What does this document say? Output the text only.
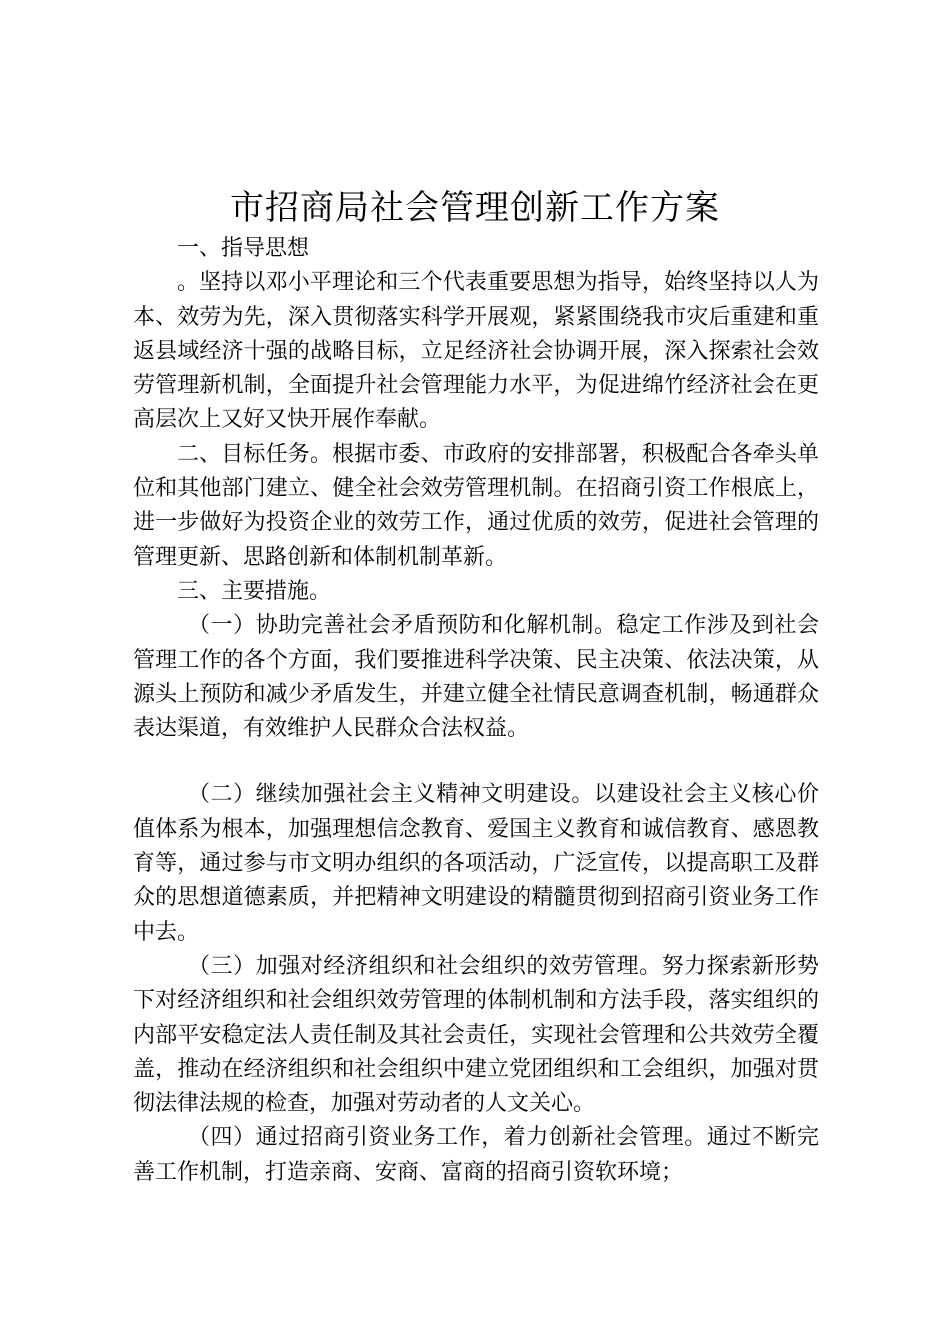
市招商局社会管理创新工作方案

一、指导思想

。坚持以邓小平理论和三个代表重要思想为指导，始终坚持以人为本、效劳为先，深入贯彻落实科学开展观，紧紧围绕我市灾后重建和重返县域经济十强的战略目标，立足经济社会协调开展，深入探索社会效劳管理新机制，全面提升社会管理能力水平，为促进绵竹经济社会在更高层次上又好又快开展作奉献。

二、目标任务。根据市委、市政府的安排部署，积极配合各牵头单位和其他部门建立、健全社会效劳管理机制。在招商引资工作根底上，进一步做好为投资企业的效劳工作，通过优质的效劳，促进社会管理的管理更新、思路创新和体制机制革新。

三、主要措施。

（一）协助完善社会矛盾预防和化解机制。稳定工作涉及到社会管理工作的各个方面，我们要推进科学决策、民主决策、依法决策，从源头上预防和减少矛盾发生，并建立健全社情民意调查机制，畅通群众表达渠道，有效维护人民群众合法权益。

（二）继续加强社会主义精神文明建设。以建设社会主义核心价值体系为根本，加强理想信念教育、爱国主义教育和诚信教育、感恩教育等，通过参与市文明办组织的各项活动，广泛宣传，以提高职工及群众的思想道德素质，并把精神文明建设的精髓贯彻到招商引资业务工作中去。

（三）加强对经济组织和社会组织的效劳管理。努力探索新形势下对经济组织和社会组织效劳管理的体制机制和方法手段，落实组织的内部平安稳定法人责任制及其社会责任，实现社会管理和公共效劳全覆盖，推动在经济组织和社会组织中建立党团组织和工会组织，加强对贯彻法律法规的检查，加强对劳动者的人文关心。

（四）通过招商引资业务工作，着力创新社会管理。通过不断完善工作机制，打造亲商、安商、富商的招商引资软环境；
